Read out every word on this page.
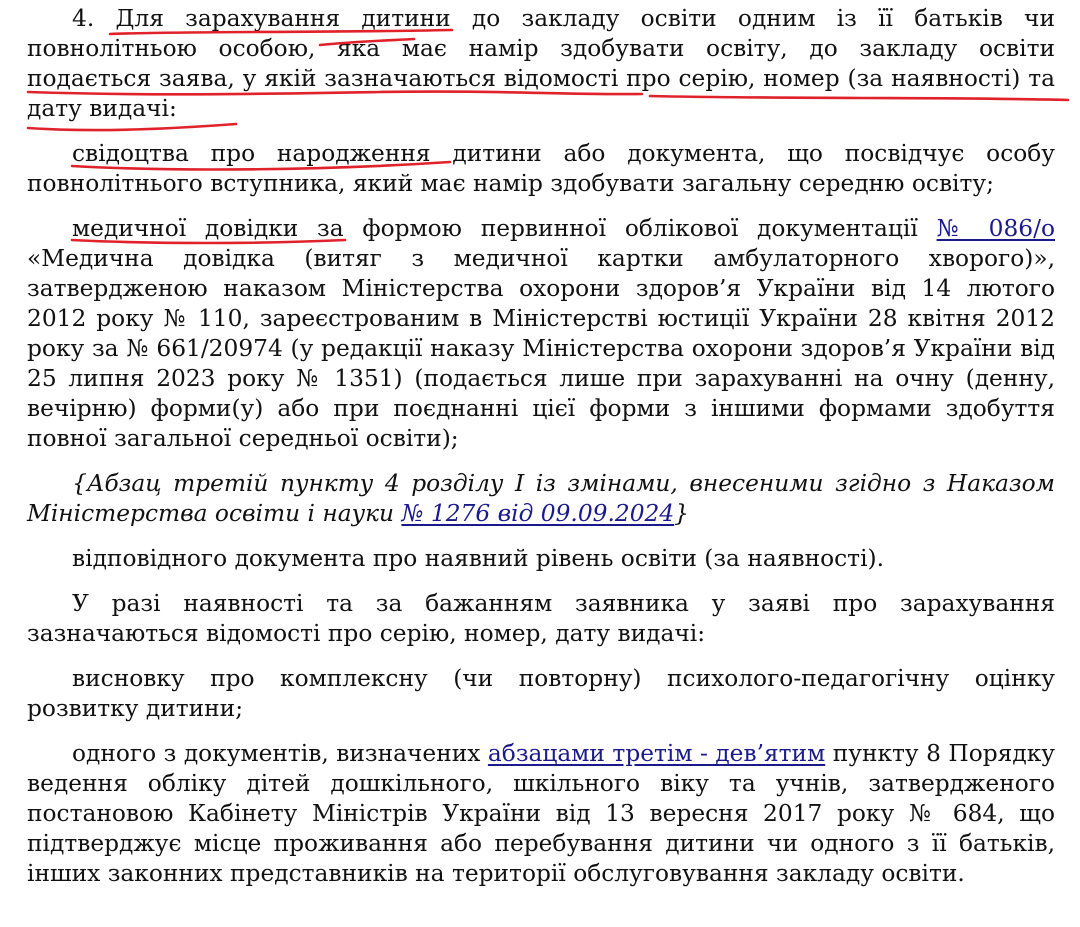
4. Для зарахування дитини до закладу освіти одним із її батьків чи повнолітньою особою, яка має намір здобувати освіту, до закладу освіти подається заява, у якій зазначаються відомості про серію, номер (за наявності) та дату видачі:

свідоцтва про народження дитини або документа, що посвідчує особу повнолітнього вступника, який має намір здобувати загальну середню освіту;

медичної довідки за формою первинної облікової документації № 086/о «Медична довідка (витяг з медичної картки амбулаторного хворого)», затвердженою наказом Міністерства охорони здоров’я України від 14 лютого 2012 року № 110, зареєстрованим в Міністерстві юстиції України 28 квітня 2012 року за № 661/20974 (у редакції наказу Міністерства охорони здоров’я України від 25 липня 2023 року № 1351) (подається лише при зарахуванні на очну (денну, вечірню) форми(у) або при поєднанні цієї форми з іншими формами здобуття повної загальної середньої освіти);

{Абзац третій пункту 4 розділу I із змінами, внесеними згідно з Наказом Міністерства освіти і науки № 1276 від 09.09.2024}

відповідного документа про наявний рівень освіти (за наявності).

У разі наявності та за бажанням заявника у заяві про зарахування зазначаються відомості про серію, номер, дату видачі:

висновку про комплексну (чи повторну) психолого-педагогічну оцінку розвитку дитини;

одного з документів, визначених абзацами третім - дев’ятим пункту 8 Порядку ведення обліку дітей дошкільного, шкільного віку та учнів, затвердженого постановою Кабінету Міністрів України від 13 вересня 2017 року № 684, що підтверджує місце проживання або перебування дитини чи одного з її батьків, інших законних представників на території обслуговування закладу освіти.
